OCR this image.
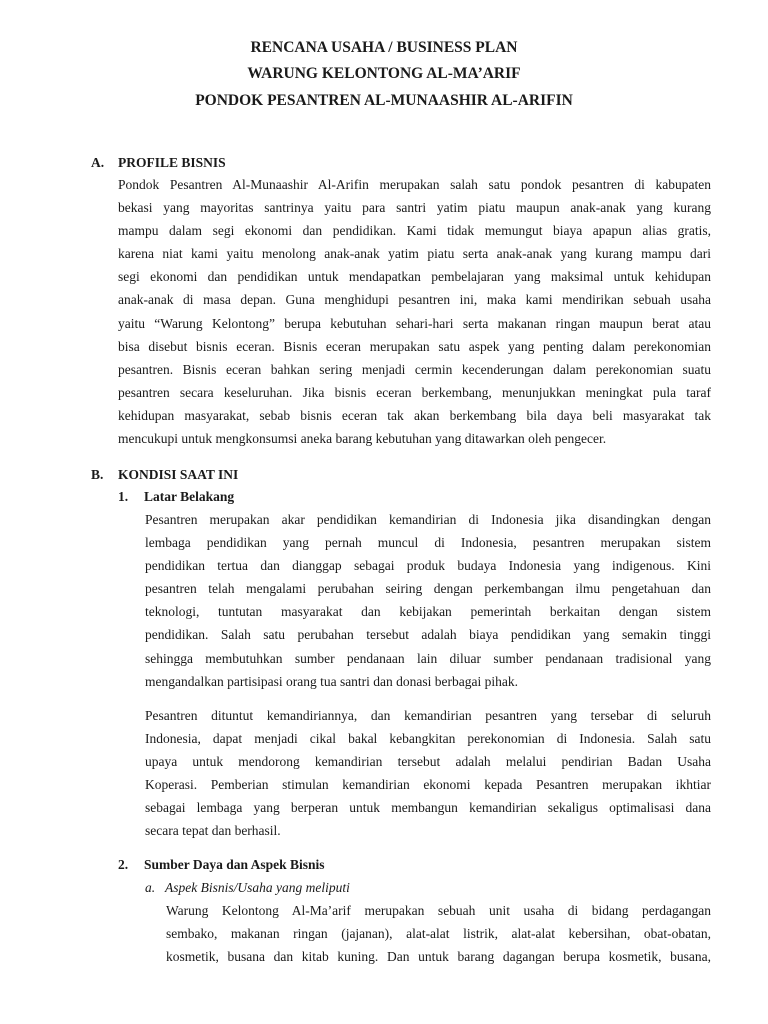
RENCANA USAHA / BUSINESS PLAN

WARUNG KELONTONG AL-MA’ARIF

PONDOK PESANTREN AL-MUNAASHIR AL-ARIFIN

A. PROFILE BISNIS
Pondok Pesantren Al-Munaashir Al-Arifin merupakan salah satu pondok pesantren di kabupaten
bekasi yang mayoritas santrinya yaitu para santri yatim piatu maupun anak-anak yang kurang
mampu dalam segi ekonomi dan pendidikan. Kami tidak memungut biaya apapun alias gratis,
karena niat kami yaitu menolong anak-anak yatim piatu serta anak-anak yang kurang mampu dari
segi ekonomi dan pendidikan untuk mendapatkan pembelajaran yang maksimal untuk kehidupan
anak-anak di masa depan. Guna menghidupi pesantren ini, maka kami mendirikan sebuah usaha
yaitu “Warung Kelontong” berupa kebutuhan sehari-hari serta makanan ringan maupun berat atau
bisa disebut bisnis eceran. Bisnis eceran merupakan satu aspek yang penting dalam perekonomian
pesantren. Bisnis eceran bahkan sering menjadi cermin kecenderungan dalam perekonomian suatu
pesantren secara keseluruhan. Jika bisnis eceran berkembang, menunjukkan meningkat pula taraf
kehidupan masyarakat, sebab bisnis eceran tak akan berkembang bila daya beli masyarakat tak
mencukupi untuk mengkonsumsi aneka barang kebutuhan yang ditawarkan oleh pengecer.
B. KONDISI SAAT INI
1. Latar Belakang
Pesantren merupakan akar pendidikan kemandirian di Indonesia jika disandingkan dengan
lembaga pendidikan yang pernah muncul di Indonesia, pesantren merupakan sistem
pendidikan tertua dan dianggap sebagai produk budaya Indonesia yang indigenous. Kini
pesantren telah mengalami perubahan seiring dengan perkembangan ilmu pengetahuan dan
teknologi, tuntutan masyarakat dan kebijakan pemerintah berkaitan dengan sistem
pendidikan. Salah satu perubahan tersebut adalah biaya pendidikan yang semakin tinggi
sehingga membutuhkan sumber pendanaan lain diluar sumber pendanaan tradisional yang
mengandalkan partisipasi orang tua santri dan donasi berbagai pihak.
Pesantren dituntut kemandiriannya, dan kemandirian pesantren yang tersebar di seluruh
Indonesia, dapat menjadi cikal bakal kebangkitan perekonomian di Indonesia. Salah satu
upaya untuk mendorong kemandirian tersebut adalah melalui pendirian Badan Usaha
Koperasi. Pemberian stimulan kemandirian ekonomi kepada Pesantren merupakan ikhtiar
sebagai lembaga yang berperan untuk membangun kemandirian sekaligus optimalisasi dana
secara tepat dan berhasil.
2. Sumber Daya dan Aspek Bisnis
a. Aspek Bisnis/Usaha yang meliputi
Warung Kelontong Al-Ma’arif merupakan sebuah unit usaha di bidang perdagangan
sembako, makanan ringan (jajanan), alat-alat listrik, alat-alat kebersihan, obat-obatan,
kosmetik, busana dan kitab kuning. Dan untuk barang dagangan berupa kosmetik, busana,
